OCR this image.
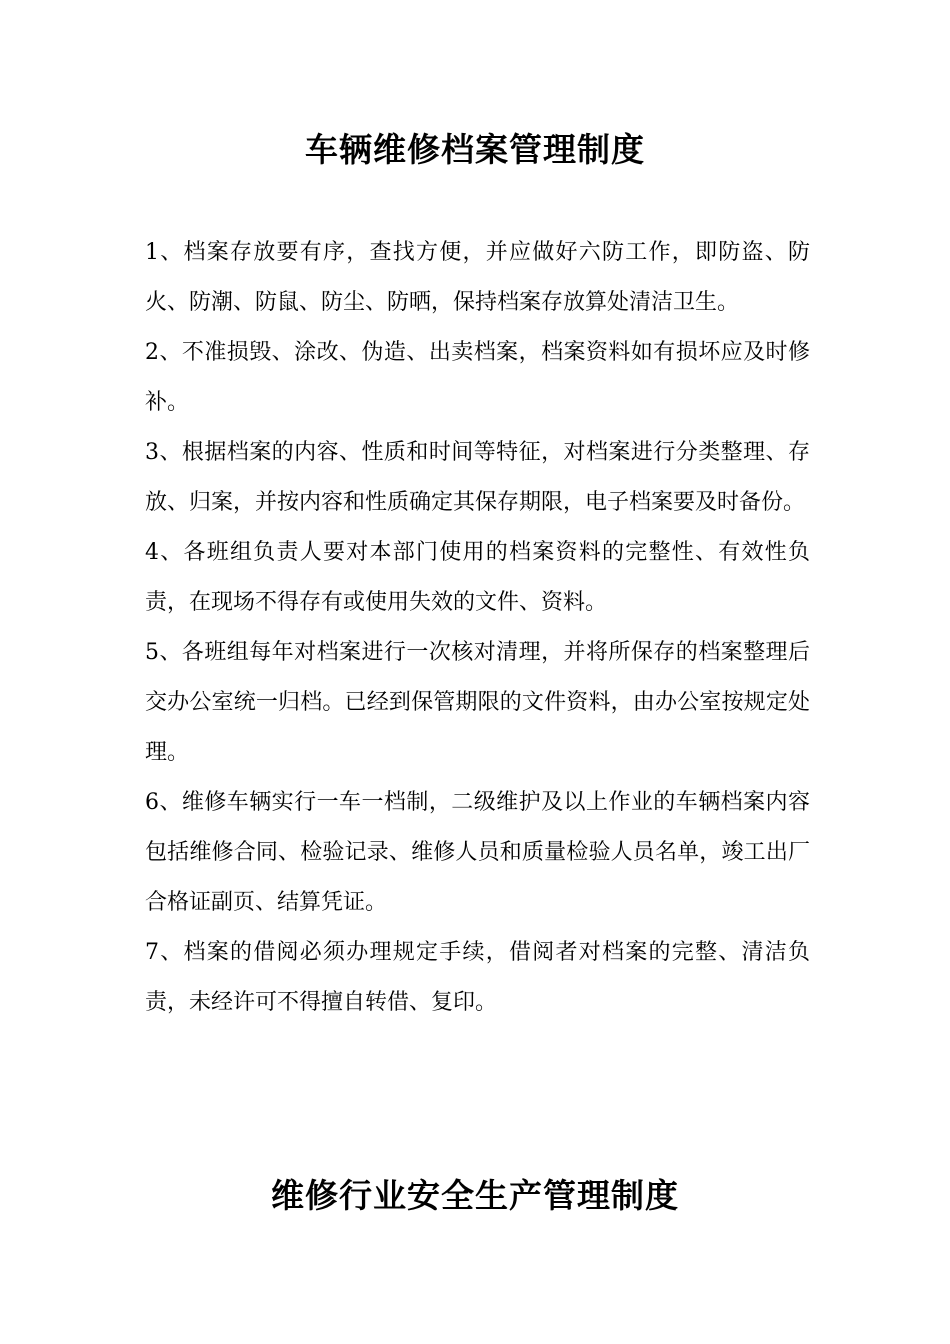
车辆维修档案管理制度

1、档案存放要有序，查找方便，并应做好六防工作，即防盗、防火、防潮、防鼠、防尘、防晒，保持档案存放算处清洁卫生。

2、不准损毁、涂改、伪造、出卖档案，档案资料如有损坏应及时修补。

3、根据档案的内容、性质和时间等特征，对档案进行分类整理、存放、归案，并按内容和性质确定其保存期限，电子档案要及时备份。

4、各班组负责人要对本部门使用的档案资料的完整性、有效性负责，在现场不得存有或使用失效的文件、资料。

5、各班组每年对档案进行一次核对清理，并将所保存的档案整理后交办公室统一归档。已经到保管期限的文件资料，由办公室按规定处理。

6、维修车辆实行一车一档制，二级维护及以上作业的车辆档案内容包括维修合同、检验记录、维修人员和质量检验人员名单，竣工出厂合格证副页、结算凭证。

7、档案的借阅必须办理规定手续，借阅者对档案的完整、清洁负责，未经许可不得擅自转借、复印。

维修行业安全生产管理制度
